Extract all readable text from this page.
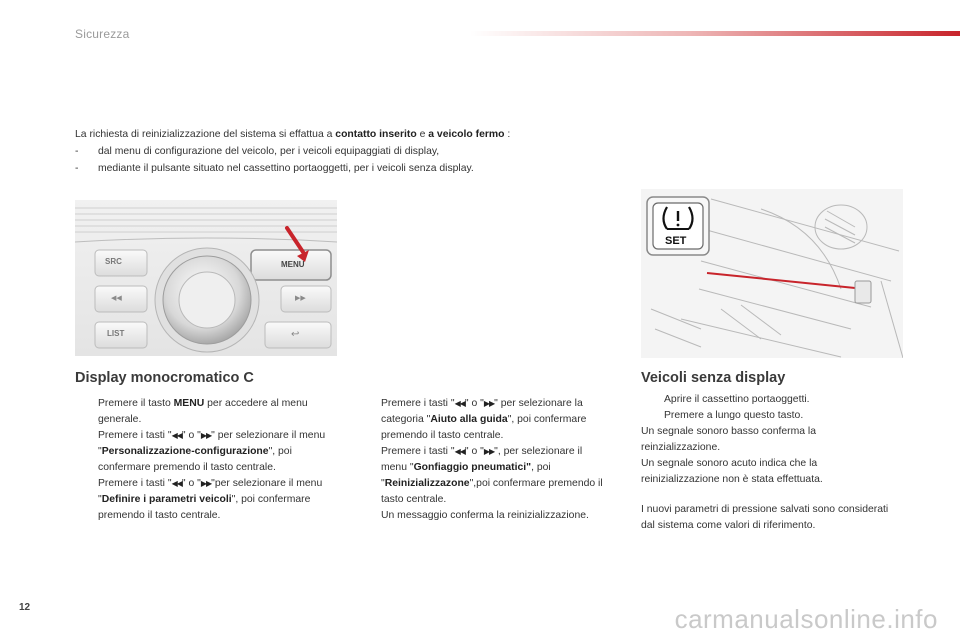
Sicurezza
La richiesta di reinizializzazione del sistema si effattua a contatto inserito e a veicolo fermo :
-	dal menu di configurazione del veicolo, per i veicoli equipaggiati di display,
-	mediante il pulsante situato nel cassettino portaoggetti, per i veicoli senza display.
SRC
◀◀
LIST
MENU
▶▶
↩
SET
Display monocromatico C	Veicoli senza display
Premere il tasto MENU per accedere al menu generale.
Premere i tasti "◀◀" o "▶▶" per selezionare il menu "Personalizzazione-configurazione", poi confermare premendo il tasto centrale.
Premere i tasti "◀◀" o "▶▶"per selezionare il menu "Definire i parametri veicoli", poi confermare premendo il tasto centrale.
Premere i tasti "◀◀" o "▶▶" per selezionare la categoria "Aiuto alla guida", poi confermare premendo il tasto centrale.
Premere i tasti "◀◀" o "▶▶", per selezionare il menu "Gonfiaggio pneumatici", poi "Reinizializzazone",poi confermare premendo il tasto centrale.
Un messaggio conferma la reinizializzazione.
Aprire il cassettino portaoggetti.
Premere a lungo questo tasto.
Un segnale sonoro basso conferma la reinzializzazione.
Un segnale sonoro acuto indica che la reinizializzazione non è stata effettuata.
I nuovi parametri di pressione salvati sono considerati dal sistema come valori di riferimento.
12	carmanualsonline.info
